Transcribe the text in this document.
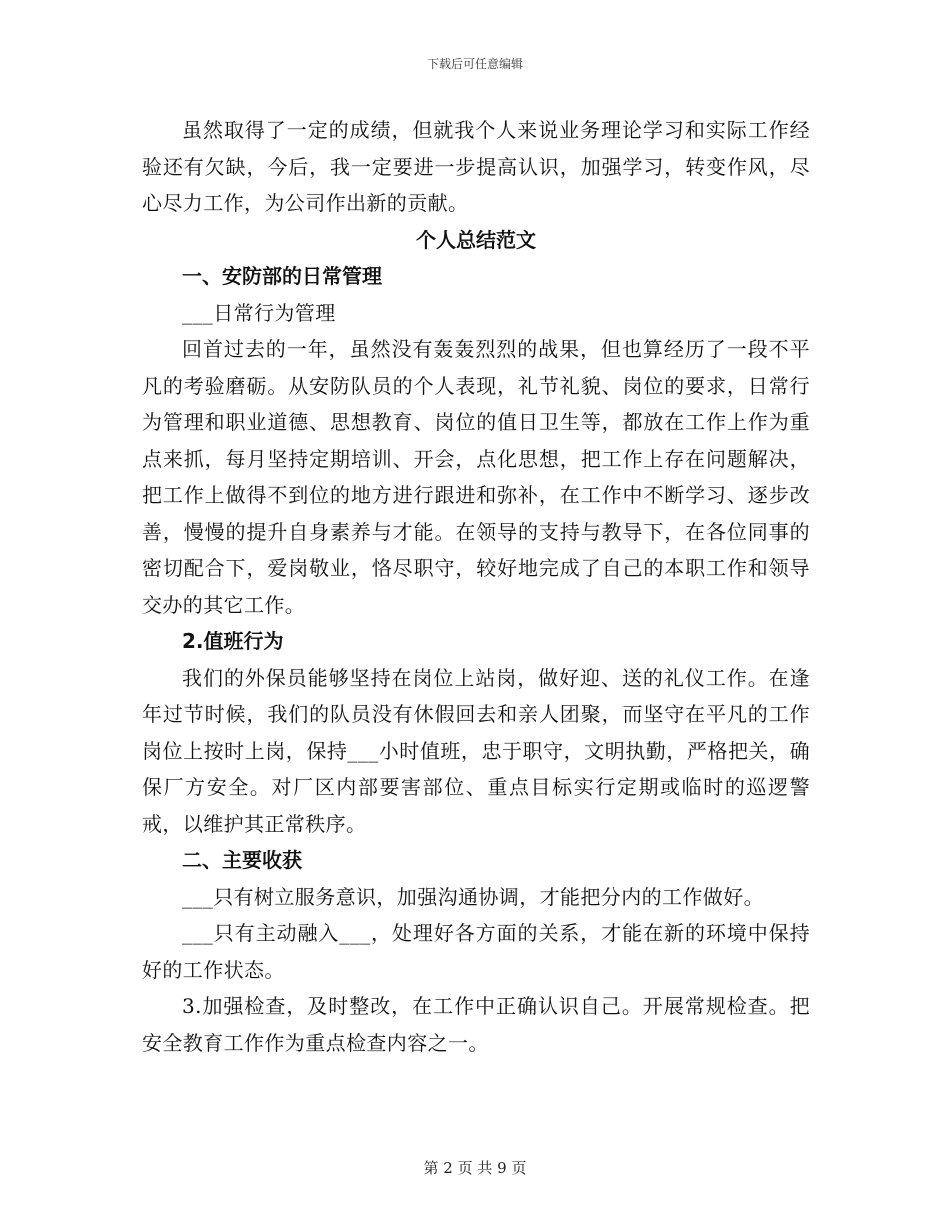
下载后可任意编辑

虽然取得了一定的成绩，但就我个人来说业务理论学习和实际工作经验还有欠缺，今后，我一定要进一步提高认识，加强学习，转变作风，尽心尽力工作，为公司作出新的贡献。

个人总结范文

一、安防部的日常管理

___日常行为管理

回首过去的一年，虽然没有轰轰烈烈的战果，但也算经历了一段不平凡的考验磨砺。从安防队员的个人表现，礼节礼貌、岗位的要求，日常行为管理和职业道德、思想教育、岗位的值日卫生等，都放在工作上作为重点来抓，每月坚持定期培训、开会，点化思想，把工作上存在问题解决，把工作上做得不到位的地方进行跟进和弥补，在工作中不断学习、逐步改善，慢慢的提升自身素养与才能。在领导的支持与教导下，在各位同事的密切配合下，爱岗敬业，恪尽职守，较好地完成了自己的本职工作和领导交办的其它工作。

2.值班行为

我们的外保员能够坚持在岗位上站岗，做好迎、送的礼仪工作。在逢年过节时候，我们的队员没有休假回去和亲人团聚，而坚守在平凡的工作岗位上按时上岗，保持___小时值班，忠于职守，文明执勤，严格把关，确保厂方安全。对厂区内部要害部位、重点目标实行定期或临时的巡逻警戒，以维护其正常秩序。

二、主要收获

___只有树立服务意识，加强沟通协调，才能把分内的工作做好。

___只有主动融入___，处理好各方面的关系，才能在新的环境中保持好的工作状态。

3.加强检查，及时整改，在工作中正确认识自己。开展常规检查。把安全教育工作作为重点检查内容之一。

第 2 页 共 9 页
